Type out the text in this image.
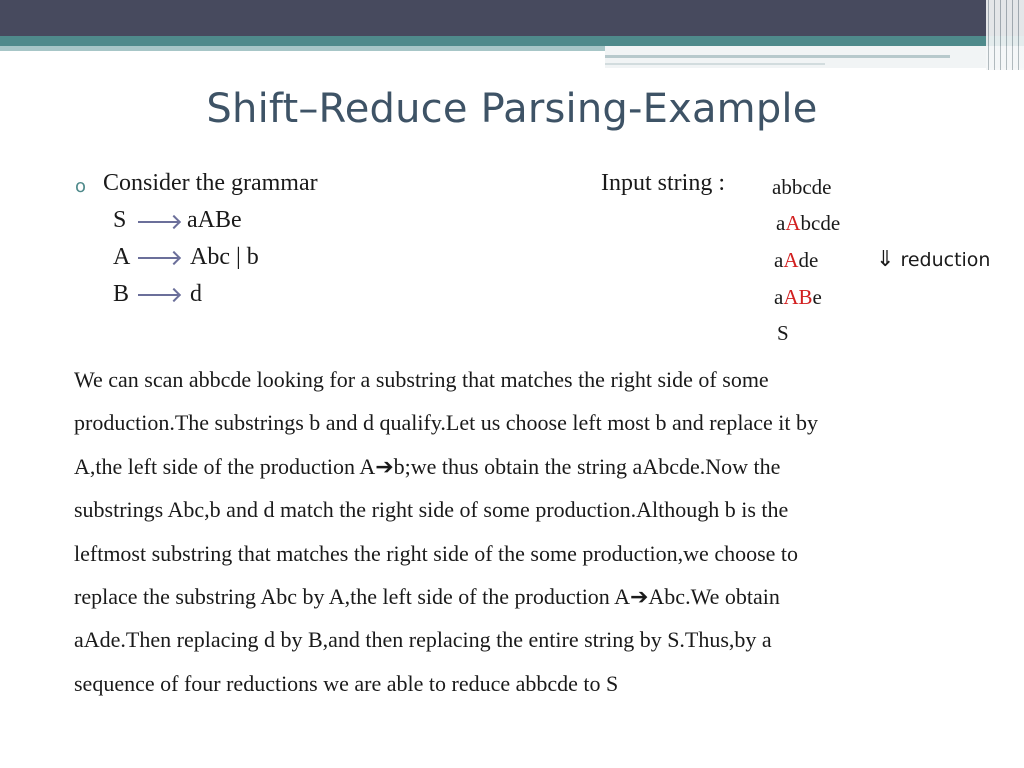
Shift–Reduce Parsing-Example
o Consider the grammar
S	aABe
A Abc | b
B	d
Input string : abbcde
aAbcde
aAde
aABe
S
⇓ reduction

We can scan abbcde looking for a substring that matches the right side of some

production.The substrings b and d qualify.Let us choose left most b and replace it by

A,the left side of the production A➔b;we thus obtain the string aAbcde.Now the

substrings Abc,b and d match the right side of some production.Although b is the

leftmost substring that matches the right side of the some production,we choose to

replace the substring Abc by A,the left side of the production A➔Abc.We obtain

aAde.Then replacing d by B,and then replacing the entire string by S.Thus,by a

sequence of four reductions we are able to reduce abbcde to S
